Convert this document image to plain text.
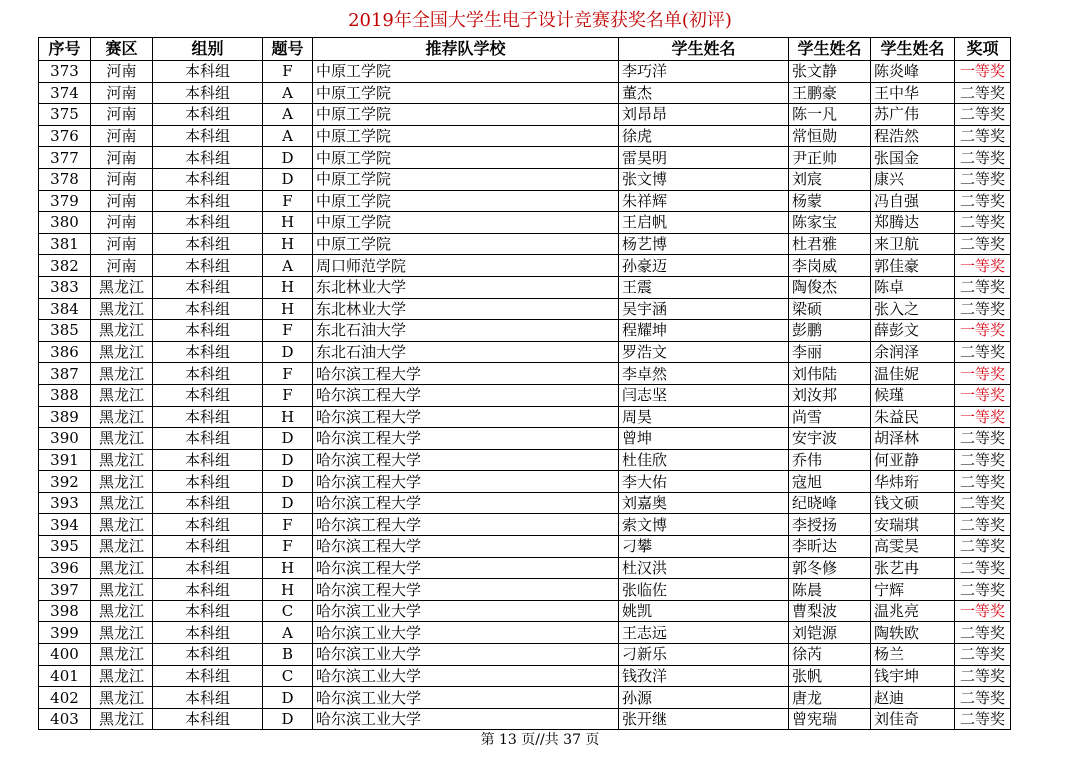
2019年全国大学生电子设计竞赛获奖名单(初评)
序号	赛区	组别	题号	推荐队学校	学生姓名	学生姓名	学生姓名	奖项
373	河南	本科组	F	中原工学院	李巧洋	张文静	陈炎峰	一等奖
374	河南	本科组	A	中原工学院	董杰	王鹏豪	王中华	二等奖
375	河南	本科组	A	中原工学院	刘昂昂	陈一凡	苏广伟	二等奖
376	河南	本科组	A	中原工学院	徐虎	常恒勋	程浩然	二等奖
377	河南	本科组	D	中原工学院	雷昊明	尹正帅	张国金	二等奖
378	河南	本科组	D	中原工学院	张文博	刘宸	康兴	二等奖
379	河南	本科组	F	中原工学院	朱祥辉	杨蒙	冯自强	二等奖
380	河南	本科组	H	中原工学院	王启帆	陈家宝	郑腾达	二等奖
381	河南	本科组	H	中原工学院	杨艺博	杜君雅	来卫航	二等奖
382	河南	本科组	A	周口师范学院	孙豪迈	李岗威	郭佳豪	一等奖
383	黑龙江	本科组	H	东北林业大学	王震	陶俊杰	陈卓	二等奖
384	黑龙江	本科组	H	东北林业大学	吴宇涵	梁硕	张入之	二等奖
385	黑龙江	本科组	F	东北石油大学	程耀坤	彭鹏	薛彭文	一等奖
386	黑龙江	本科组	D	东北石油大学	罗浩文	李丽	余润泽	二等奖
387	黑龙江	本科组	F	哈尔滨工程大学	李卓然	刘伟陆	温佳妮	一等奖
388	黑龙江	本科组	F	哈尔滨工程大学	闫志坚	刘汝邦	候瑾	一等奖
389	黑龙江	本科组	H	哈尔滨工程大学	周昊	尚雪	朱益民	一等奖
390	黑龙江	本科组	D	哈尔滨工程大学	曾坤	安宇波	胡泽林	二等奖
391	黑龙江	本科组	D	哈尔滨工程大学	杜佳欣	乔伟	何亚静	二等奖
392	黑龙江	本科组	D	哈尔滨工程大学	李大佑	寇旭	华炜珩	二等奖
393	黑龙江	本科组	D	哈尔滨工程大学	刘嘉奥	纪晓峰	钱文硕	二等奖
394	黑龙江	本科组	F	哈尔滨工程大学	索文博	李授扬	安瑞琪	二等奖
395	黑龙江	本科组	F	哈尔滨工程大学	刁攀	李昕达	高雯昊	二等奖
396	黑龙江	本科组	H	哈尔滨工程大学	杜汉洪	郭冬修	张艺冉	二等奖
397	黑龙江	本科组	H	哈尔滨工程大学	张临佐	陈晨	宁辉	二等奖
398	黑龙江	本科组	C	哈尔滨工业大学	姚凯	曹梨波	温兆亮	一等奖
399	黑龙江	本科组	A	哈尔滨工业大学	王志远	刘铠源	陶轶欧	二等奖
400	黑龙江	本科组	B	哈尔滨工业大学	刁新乐	徐芮	杨兰	二等奖
401	黑龙江	本科组	C	哈尔滨工业大学	钱孜洋	张帆	钱宇坤	二等奖
402	黑龙江	本科组	D	哈尔滨工业大学	孙源	唐龙	赵迪	二等奖
403	黑龙江	本科组	D	哈尔滨工业大学	张开继	曾宪瑞	刘佳奇	二等奖
第 13 页//共 37 页
